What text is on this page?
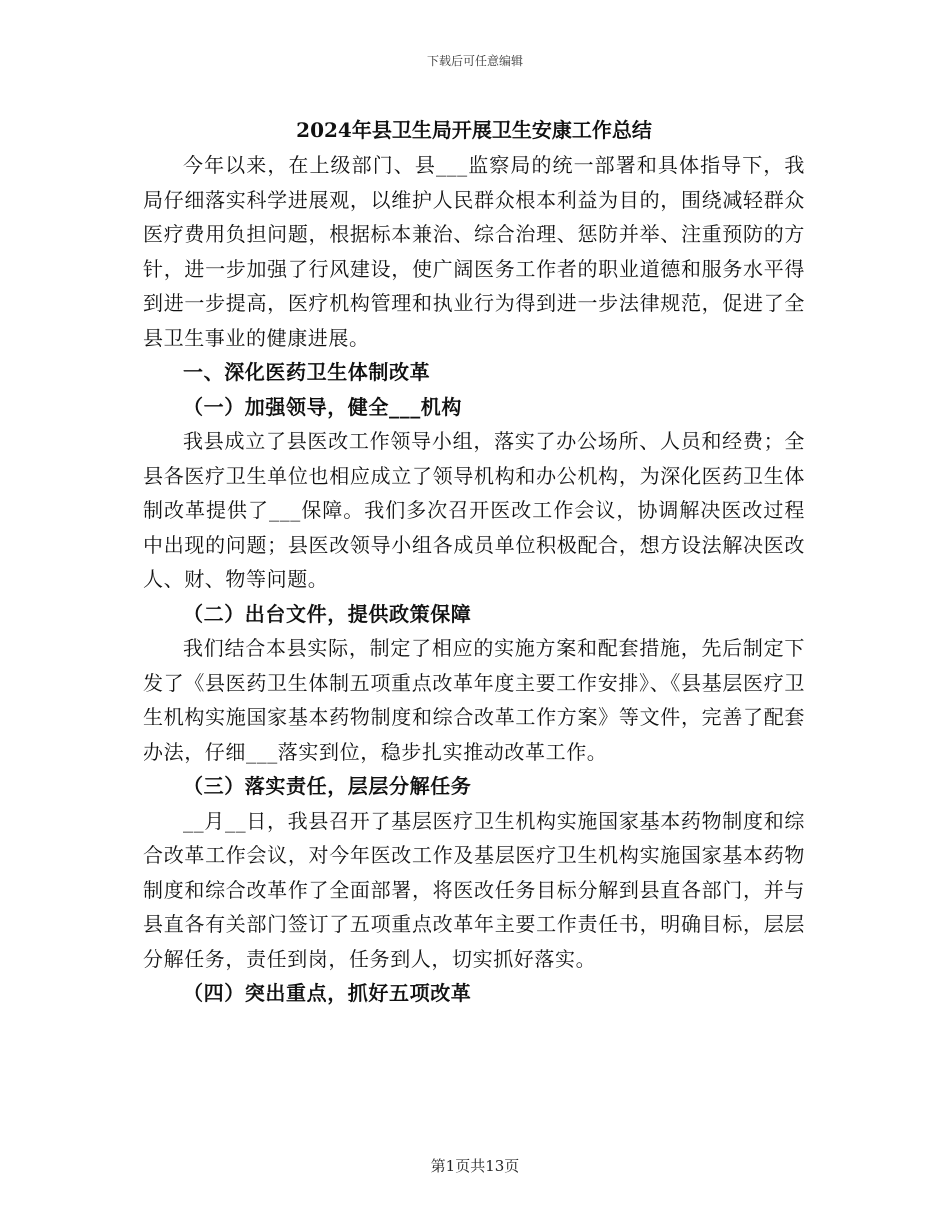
下载后可任意编辑
2024年县卫生局开展卫生安康工作总结

今年以来，在上级部门、县___监察局的统一部署和具体指导下，我局仔细落实科学进展观，以维护人民群众根本利益为目的，围绕减轻群众医疗费用负担问题，根据标本兼治、综合治理、惩防并举、注重预防的方针，进一步加强了行风建设，使广阔医务工作者的职业道德和服务水平得到进一步提高，医疗机构管理和执业行为得到进一步法律规范，促进了全县卫生事业的健康进展。

一、深化医药卫生体制改革

（一）加强领导，健全___机构

我县成立了县医改工作领导小组，落实了办公场所、人员和经费；全县各医疗卫生单位也相应成立了领导机构和办公机构，为深化医药卫生体制改革提供了___保障。我们多次召开医改工作会议，协调解决医改过程中出现的问题；县医改领导小组各成员单位积极配合，想方设法解决医改人、财、物等问题。

（二）出台文件，提供政策保障

我们结合本县实际，制定了相应的实施方案和配套措施，先后制定下发了《县医药卫生体制五项重点改革年度主要工作安排》、《县基层医疗卫生机构实施国家基本药物制度和综合改革工作方案》等文件，完善了配套办法，仔细___落实到位，稳步扎实推动改革工作。

（三）落实责任，层层分解任务

__月__日，我县召开了基层医疗卫生机构实施国家基本药物制度和综合改革工作会议，对今年医改工作及基层医疗卫生机构实施国家基本药物制度和综合改革作了全面部署，将医改任务目标分解到县直各部门，并与县直各有关部门签订了五项重点改革年主要工作责任书，明确目标，层层分解任务，责任到岗，任务到人，切实抓好落实。

（四）突出重点，抓好五项改革

第1页共13页
